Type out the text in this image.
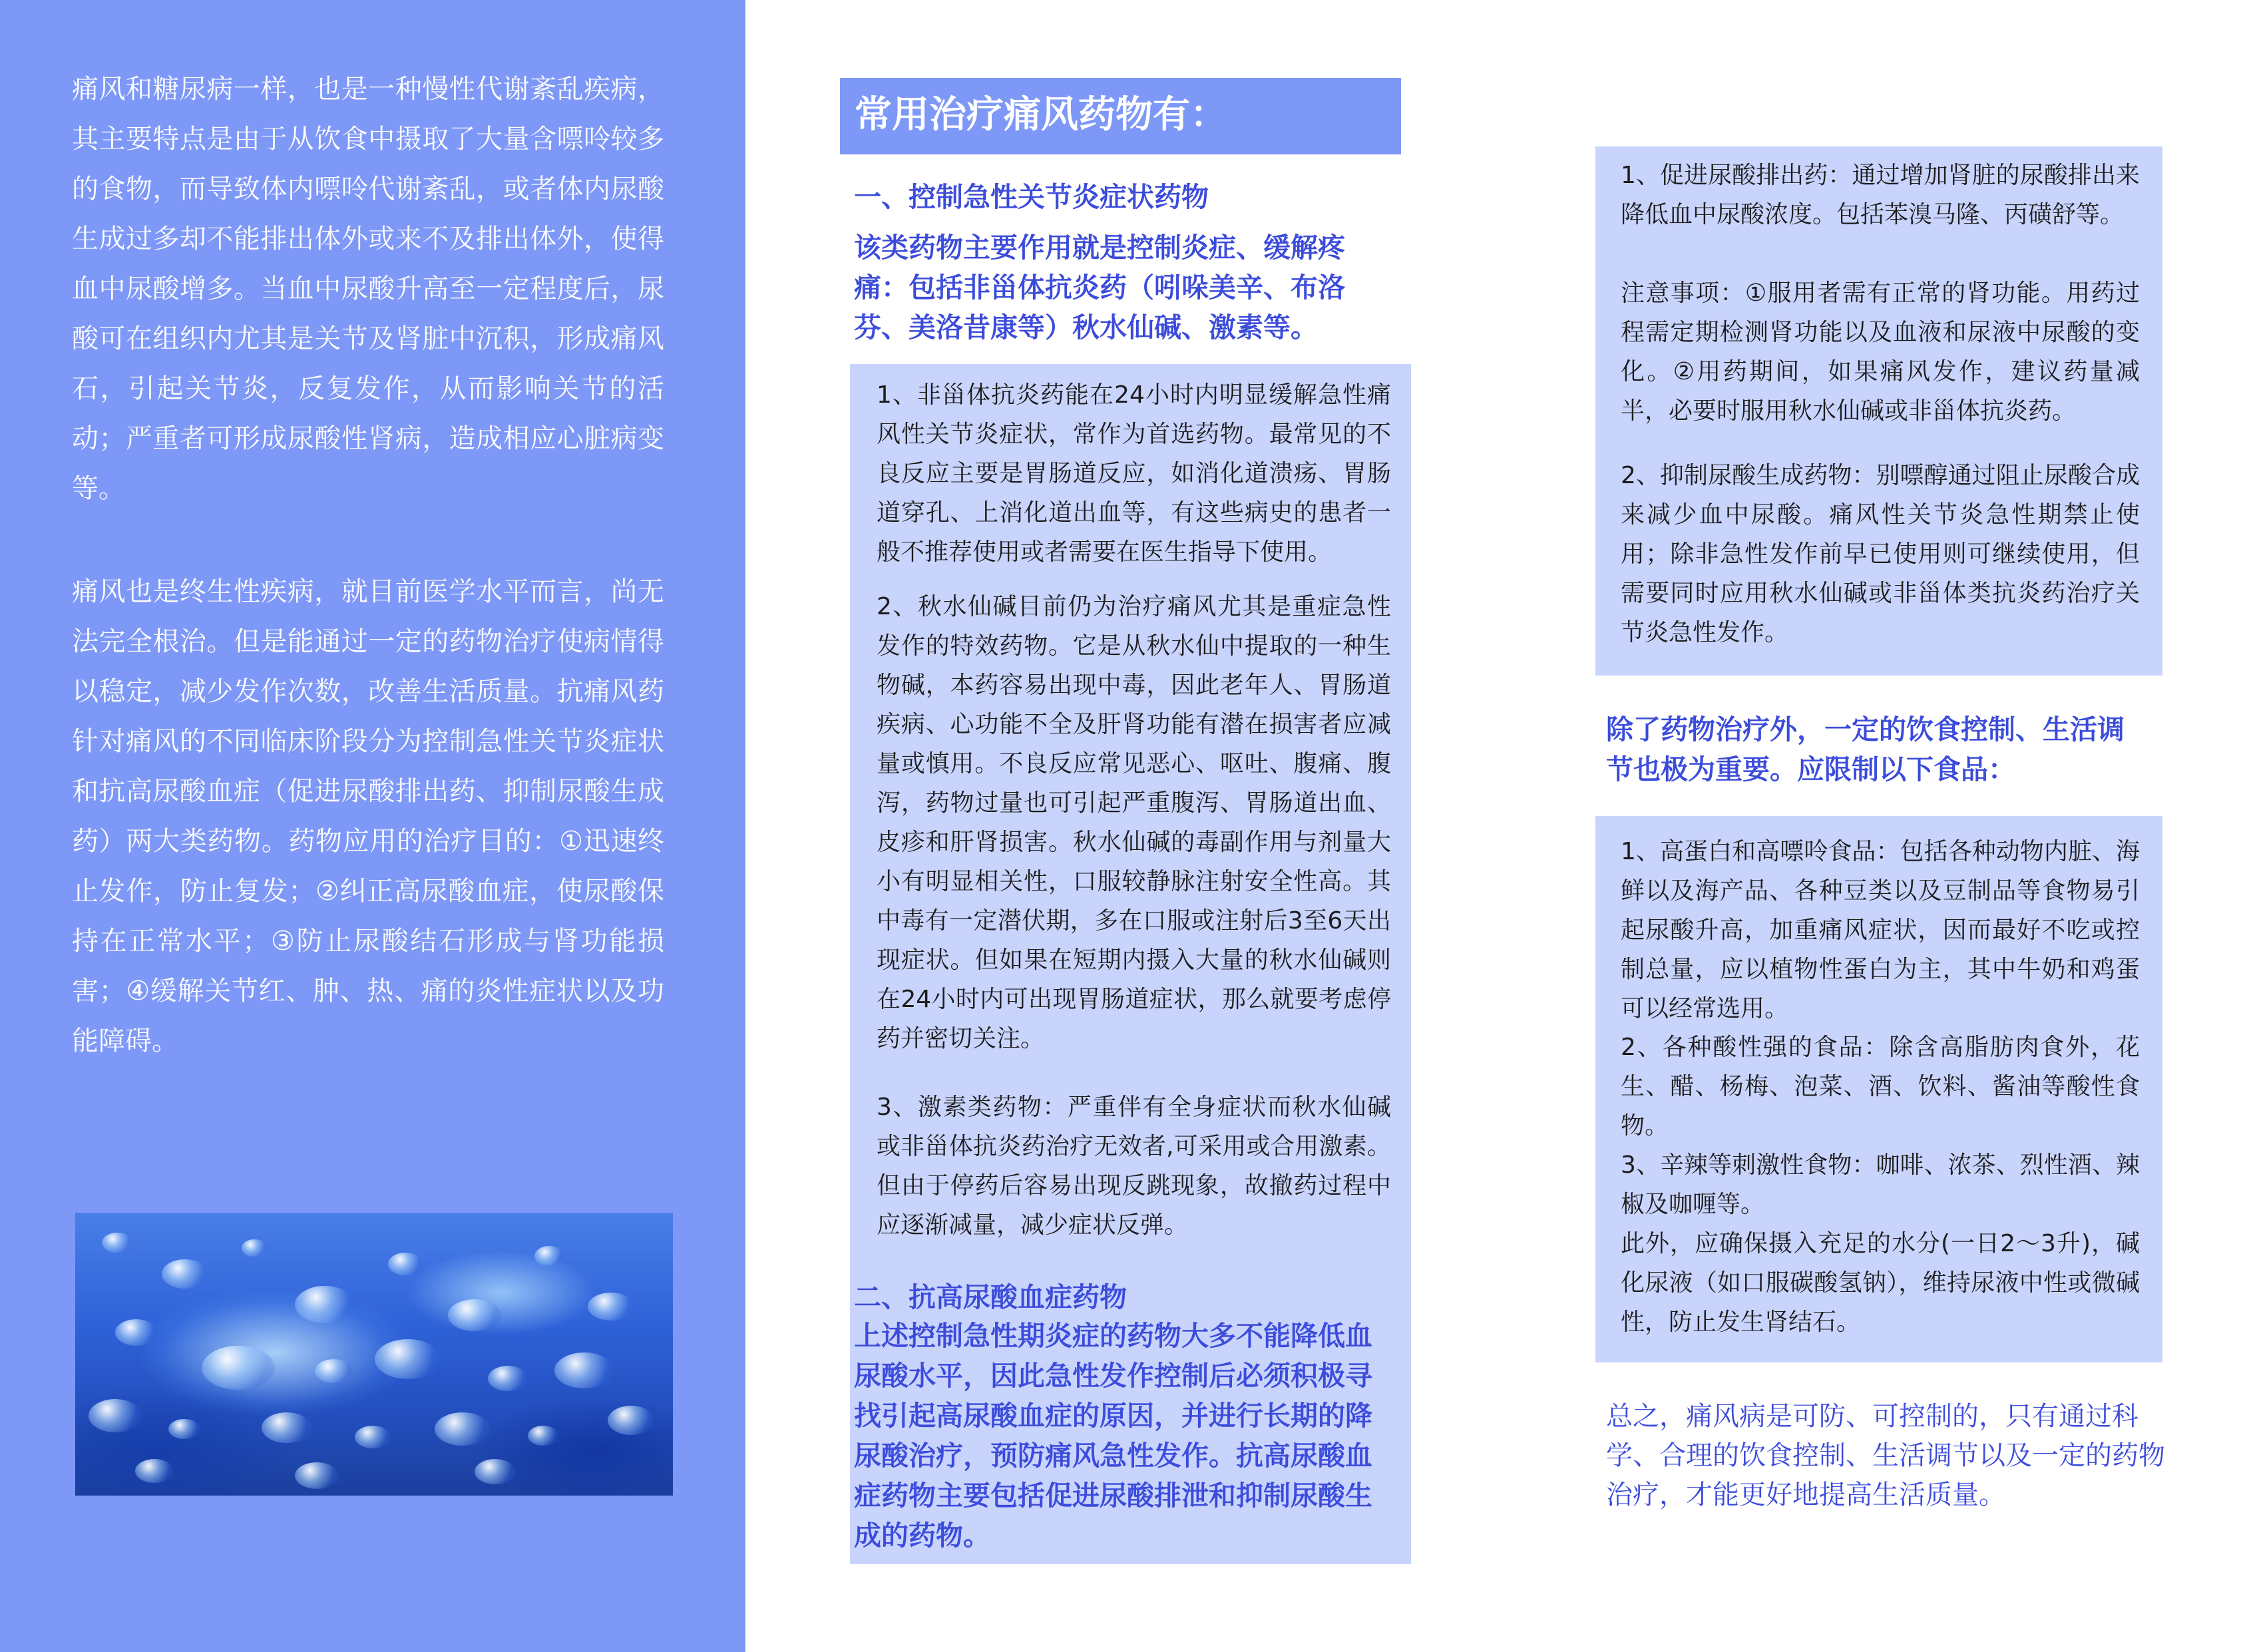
痛风和糖尿病一样，也是一种慢性代谢紊乱疾病，其主要特点是由于从饮食中摄取了大量含嘌呤较多的食物，而导致体内嘌呤代谢紊乱，或者体内尿酸生成过多却不能排出体外或来不及排出体外，使得血中尿酸增多。当血中尿酸升高至一定程度后，尿酸可在组织内尤其是关节及肾脏中沉积，形成痛风石，引起关节炎，反复发作，从而影响关节的活动；严重者可形成尿酸性肾病，造成相应心脏病变等。

痛风也是终生性疾病，就目前医学水平而言，尚无法完全根治。但是能通过一定的药物治疗使病情得以稳定，减少发作次数，改善生活质量。抗痛风药针对痛风的不同临床阶段分为控制急性关节炎症状和抗高尿酸血症（促进尿酸排出药、抑制尿酸生成药）两大类药物。药物应用的治疗目的：①迅速终止发作，防止复发；②纠正高尿酸血症，使尿酸保持在正常水平；③防止尿酸结石形成与肾功能损害；④缓解关节红、肿、热、痛的炎性症状以及功能障碍。

常用治疗痛风药物有：
一、控制急性关节炎症状药物

该类药物主要作用就是控制炎症、缓解疼痛：包括非甾体抗炎药（吲哚美辛、布洛芬、美洛昔康等）秋水仙碱、激素等。

1、非甾体抗炎药能在24小时内明显缓解急性痛风性关节炎症状，常作为首选药物。最常见的不良反应主要是胃肠道反应，如消化道溃疡、胃肠道穿孔、上消化道出血等，有这些病史的患者一般不推荐使用或者需要在医生指导下使用。

2、秋水仙碱目前仍为治疗痛风尤其是重症急性发作的特效药物。它是从秋水仙中提取的一种生物碱，本药容易出现中毒，因此老年人、胃肠道疾病、心功能不全及肝肾功能有潜在损害者应减量或慎用。不良反应常见恶心、呕吐、腹痛、腹泻，药物过量也可引起严重腹泻、胃肠道出血、皮疹和肝肾损害。秋水仙碱的毒副作用与剂量大小有明显相关性，口服较静脉注射安全性高。其中毒有一定潜伏期，多在口服或注射后3至6天出现症状。但如果在短期内摄入大量的秋水仙碱则在24小时内可出现胃肠道症状，那么就要考虑停药并密切关注。

3、激素类药物：严重伴有全身症状而秋水仙碱或非甾体抗炎药治疗无效者,可采用或合用激素。但由于停药后容易出现反跳现象，故撤药过程中应逐渐减量，减少症状反弹。

二、抗高尿酸血症药物

上述控制急性期炎症的药物大多不能降低血尿酸水平，因此急性发作控制后必须积极寻找引起高尿酸血症的原因，并进行长期的降尿酸治疗，预防痛风急性发作。抗高尿酸血症药物主要包括促进尿酸排泄和抑制尿酸生成的药物。

1、促进尿酸排出药：通过增加肾脏的尿酸排出来降低血中尿酸浓度。包括苯溴马隆、丙磺舒等。

注意事项：①服用者需有正常的肾功能。用药过程需定期检测肾功能以及血液和尿液中尿酸的变化。②用药期间，如果痛风发作，建议药量减半，必要时服用秋水仙碱或非甾体抗炎药。

2、抑制尿酸生成药物：别嘌醇通过阻止尿酸合成来减少血中尿酸。痛风性关节炎急性期禁止使用；除非急性发作前早已使用则可继续使用，但需要同时应用秋水仙碱或非甾体类抗炎药治疗关节炎急性发作。

除了药物治疗外，一定的饮食控制、生活调节也极为重要。应限制以下食品：

1、高蛋白和高嘌呤食品：包括各种动物内脏、海鲜以及海产品、各种豆类以及豆制品等食物易引起尿酸升高，加重痛风症状，因而最好不吃或控制总量，应以植物性蛋白为主，其中牛奶和鸡蛋可以经常选用。

2、各种酸性强的食品：除含高脂肪肉食外，花生、醋、杨梅、泡菜、酒、饮料、酱油等酸性食物。

3、辛辣等刺激性食物：咖啡、浓茶、烈性酒、辣椒及咖喱等。

此外，应确保摄入充足的水分(一日2～3升)，碱化尿液（如口服碳酸氢钠），维持尿液中性或微碱性，防止发生肾结石。

总之，痛风病是可防、可控制的，只有通过科学、合理的饮食控制、生活调节以及一定的药物治疗，才能更好地提高生活质量。
